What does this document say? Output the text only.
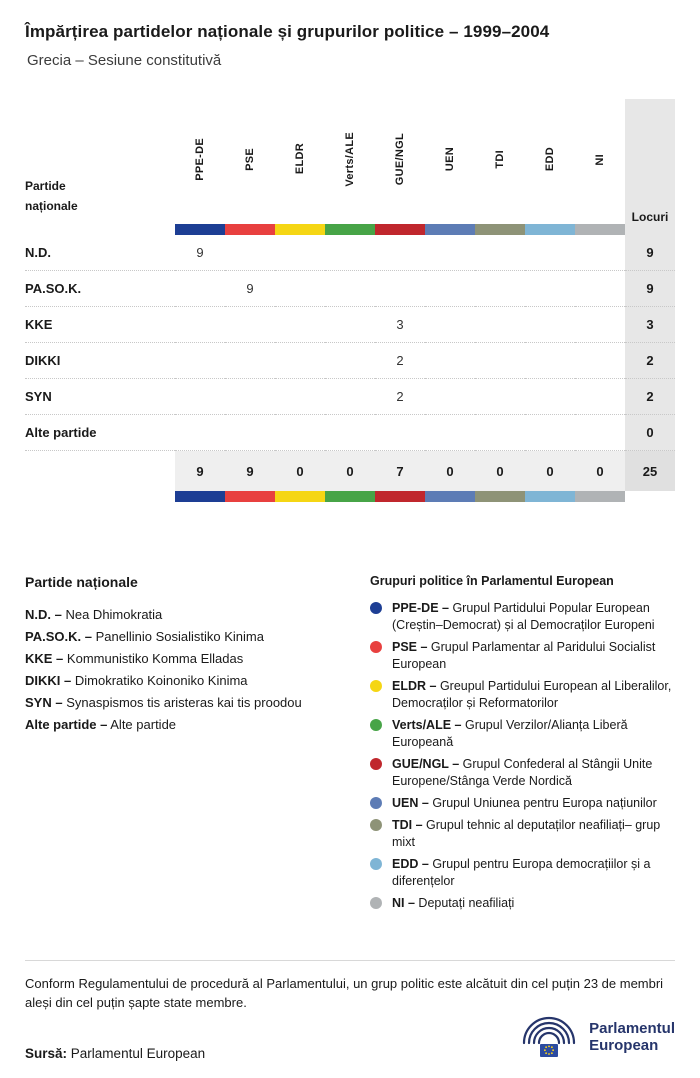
Împărțirea partidelor naționale și grupurilor politice – 1999–2004
Grecia – Sesiune constitutivă
Partide
naționale	PPE-DE	PSE	ELDR	Verts/ALE	GUE/NGL	UEN	TDI	EDD	NI	Locuri

N.D.	9									9
PA.SO.K.		9								9
KKE					3					3
DIKKI					2					2
SYN					2					2
Alte partide										0
	9	9	0	0	7	0	0	0	0	25

Partide naționale
N.D. – Nea Dhimokratia
PA.SO.K. – Panellinio Sosialistiko Kinima
KKE – Kommunistiko Komma Elladas
DIKKI – Dimokratiko Koinoniko Kinima
SYN – Synaspismos tis aristeras kai tis proodou
Alte partide – Alte partide
Grupuri politice în Parlamentul European
PPE-DE – Grupul Partidului Popular European (Creștin–Democrat) și al Democraților Europeni
PSE – Grupul Parlamentar al Paridului Socialist European
ELDR – Greupul Partidului European al Liberalilor, Democraților și Reformatorilor
Verts/ALE – Grupul Verzilor/Alianța Liberă Europeană
GUE/NGL – Grupul Confederal al Stângii Unite Europene/Stânga Verde Nordică
UEN – Grupul Uniunea pentru Europa națiunilor
TDI – Grupul tehnic al deputaților neafiliați– grup mixt
EDD – Grupul pentru Europa democrațiilor și a diferențelor
NI – Deputați neafiliați
Conform Regulamentului de procedură al Parlamentului, un grup politic este alcătuit din cel puțin 23 de membri aleși din cel puțin șapte state membre.
Sursă: Parlamentul European
Parlamentul
European
